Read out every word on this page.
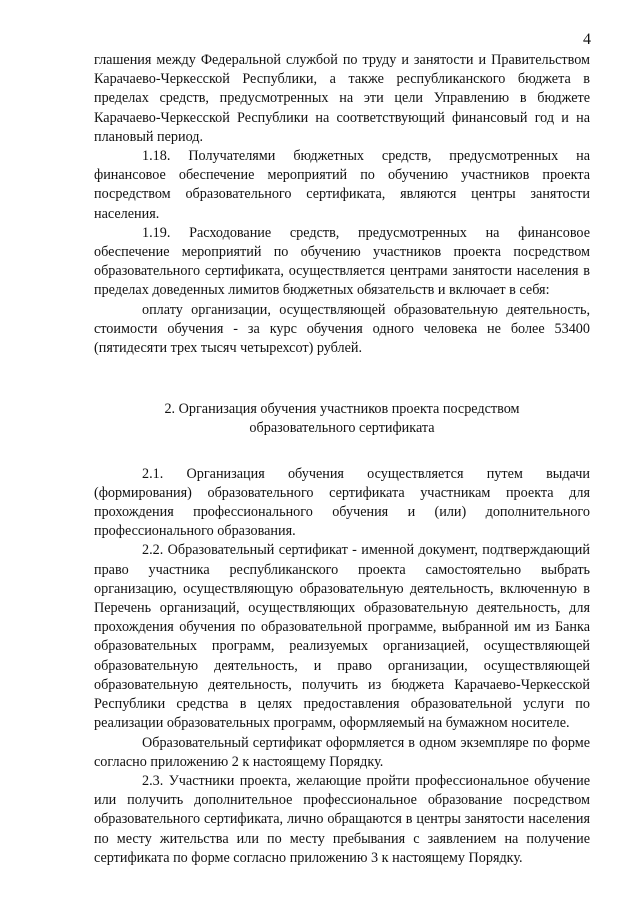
4

глашения между Федеральной службой по труду и занятости и Правительством Карачаево-Черкесской Республики, а также республиканского бюджета в пределах средств, предусмотренных на эти цели Управлению в бюджете Карачаево-Черкесской Республики на соответствующий финансовый год и на плановый период.

1.18. Получателями бюджетных средств, предусмотренных на финансовое обеспечение мероприятий по обучению участников проекта посредством образовательного сертификата, являются центры занятости населения.

1.19. Расходование средств, предусмотренных на финансовое обеспечение мероприятий по обучению участников проекта посредством образовательного сертификата, осуществляется центрами занятости населения в пределах доведенных лимитов бюджетных обязательств и включает в себя:

оплату организации, осуществляющей образовательную деятельность, стоимости обучения - за курс обучения одного человека не более 53400 (пятидесяти трех тысяч четырехсот) рублей.

2. Организация обучения участников проекта посредством
образовательного сертификата

2.1. Организация обучения осуществляется путем выдачи (формирования) образовательного сертификата участникам проекта для прохождения профессионального обучения и (или) дополнительного профессионального образования.

2.2. Образовательный сертификат - именной документ, подтверждающий право участника республиканского проекта самостоятельно выбрать организацию, осуществляющую образовательную деятельность, включенную в Перечень организаций, осуществляющих образовательную деятельность, для прохождения обучения по образовательной программе, выбранной им из Банка образовательных программ, реализуемых организацией, осуществляющей образовательную деятельность, и право организации, осуществляющей образовательную деятельность, получить из бюджета Карачаево-Черкесской Республики средства в целях предоставления образовательной услуги по реализации образовательных программ, оформляемый на бумажном носителе.

Образовательный сертификат оформляется в одном экземпляре по форме согласно приложению 2 к настоящему Порядку.

2.3. Участники проекта, желающие пройти профессиональное обучение или получить дополнительное профессиональное образование посредством образовательного сертификата, лично обращаются в центры занятости населения по месту жительства или по месту пребывания с заявлением на получение сертификата по форме согласно приложению 3 к настоящему Порядку.
